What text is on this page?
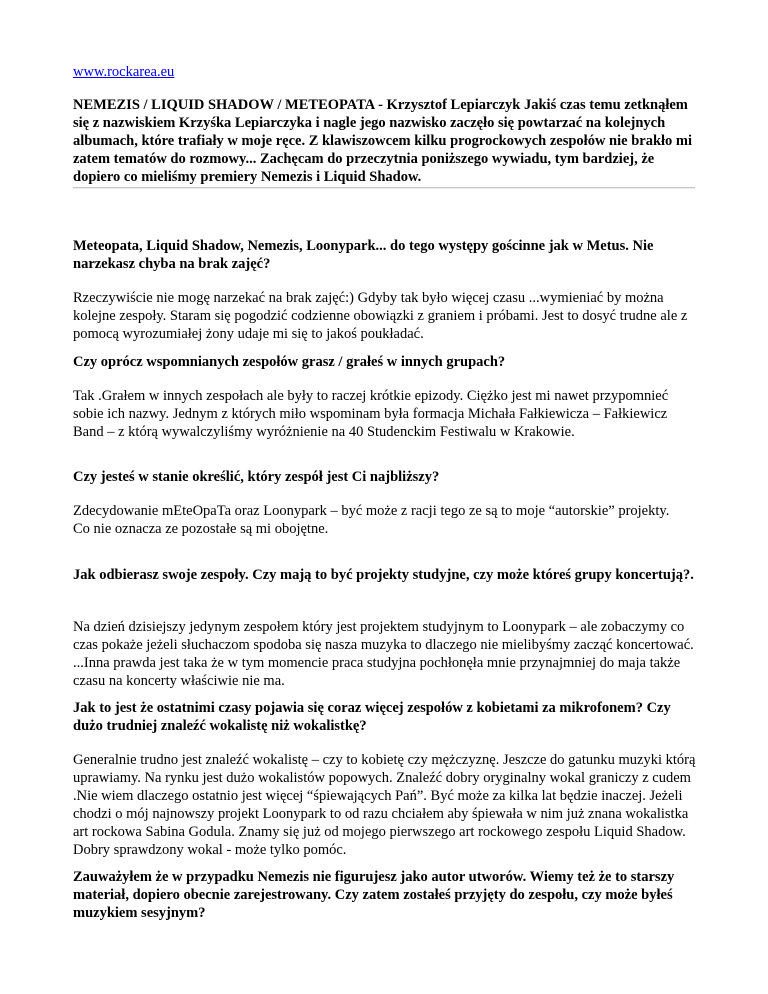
www.rockarea.eu

NEMEZIS / LIQUID SHADOW / METEOPATA - Krzysztof Lepiarczyk Jakiś czas temu zetknąłem się z nazwiskiem Krzyśka Lepiarczyka i nagle jego nazwisko zaczęło się powtarzać na kolejnych albumach, które trafiały w moje ręce. Z klawiszowcem kilku progrockowych zespołów nie brakło mi zatem tematów do rozmowy... Zachęcam do przeczytnia poniższego wywiadu, tym bardziej, że dopiero co mieliśmy premiery Nemezis i Liquid Shadow.

Meteopata, Liquid Shadow, Nemezis, Loonypark... do tego występy gościnne jak w Metus. Nie narzekasz chyba na brak zajęć?

Rzeczywiście nie mogę narzekać na brak zajęć:) Gdyby tak było więcej czasu ...wymieniać by można kolejne zespoły. Staram się pogodzić codzienne obowiązki z graniem i próbami. Jest to dosyć trudne ale z pomocą wyrozumiałej żony udaje mi się to jakoś poukładać.

Czy oprócz wspomnianych zespołów grasz / grałeś w innych grupach?

Tak .Grałem w innych zespołach ale były to raczej krótkie epizody. Ciężko jest mi nawet przypomnieć sobie ich nazwy. Jednym z których miło wspominam była formacja Michała Fałkiewicza – Fałkiewicz Band – z którą wywalczyliśmy wyróżnienie na 40 Studenckim Festiwalu w Krakowie.

Czy jesteś w stanie określić, który zespół jest Ci najbliższy?

Zdecydowanie mEteOpaTa oraz Loonypark – być może z racji tego ze są to moje “autorskie” projekty.
Co nie oznacza ze pozostałe są mi obojętne.

Jak odbierasz swoje zespoły. Czy mają to być projekty studyjne, czy może któreś grupy koncertują?.

Na dzień dzisiejszy jedynym zespołem który jest projektem studyjnym to Loonypark – ale zobaczymy co czas pokaże jeżeli słuchaczom spodoba się nasza muzyka to dlaczego nie mielibyśmy zacząć koncertować. ...Inna prawda jest taka że w tym momencie praca studyjna pochłonęła mnie przynajmniej do maja także czasu na koncerty właściwie nie ma.

Jak to jest że ostatnimi czasy pojawia się coraz więcej zespołów z kobietami za mikrofonem? Czy dużo trudniej znaleźć wokalistę niż wokalistkę?

Generalnie trudno jest znaleźć wokalistę – czy to kobietę czy mężczyznę. Jeszcze do gatunku muzyki którą uprawiamy. Na rynku jest dużo wokalistów popowych. Znaleźć dobry oryginalny wokal graniczy z cudem .Nie wiem dlaczego ostatnio jest więcej “śpiewających Pań”. Być może za kilka lat będzie inaczej. Jeżeli chodzi o mój najnowszy projekt Loonypark to od razu chciałem aby śpiewała w nim już znana wokalistka art rockowa Sabina Godula. Znamy się już od mojego pierwszego art rockowego zespołu Liquid Shadow. Dobry sprawdzony wokal - może tylko pomóc.

Zauważyłem że w przypadku Nemezis nie figurujesz jako autor utworów. Wiemy też że to starszy materiał, dopiero obecnie zarejestrowany. Czy zatem zostałeś przyjęty do zespołu, czy może byłeś muzykiem sesyjnym?
